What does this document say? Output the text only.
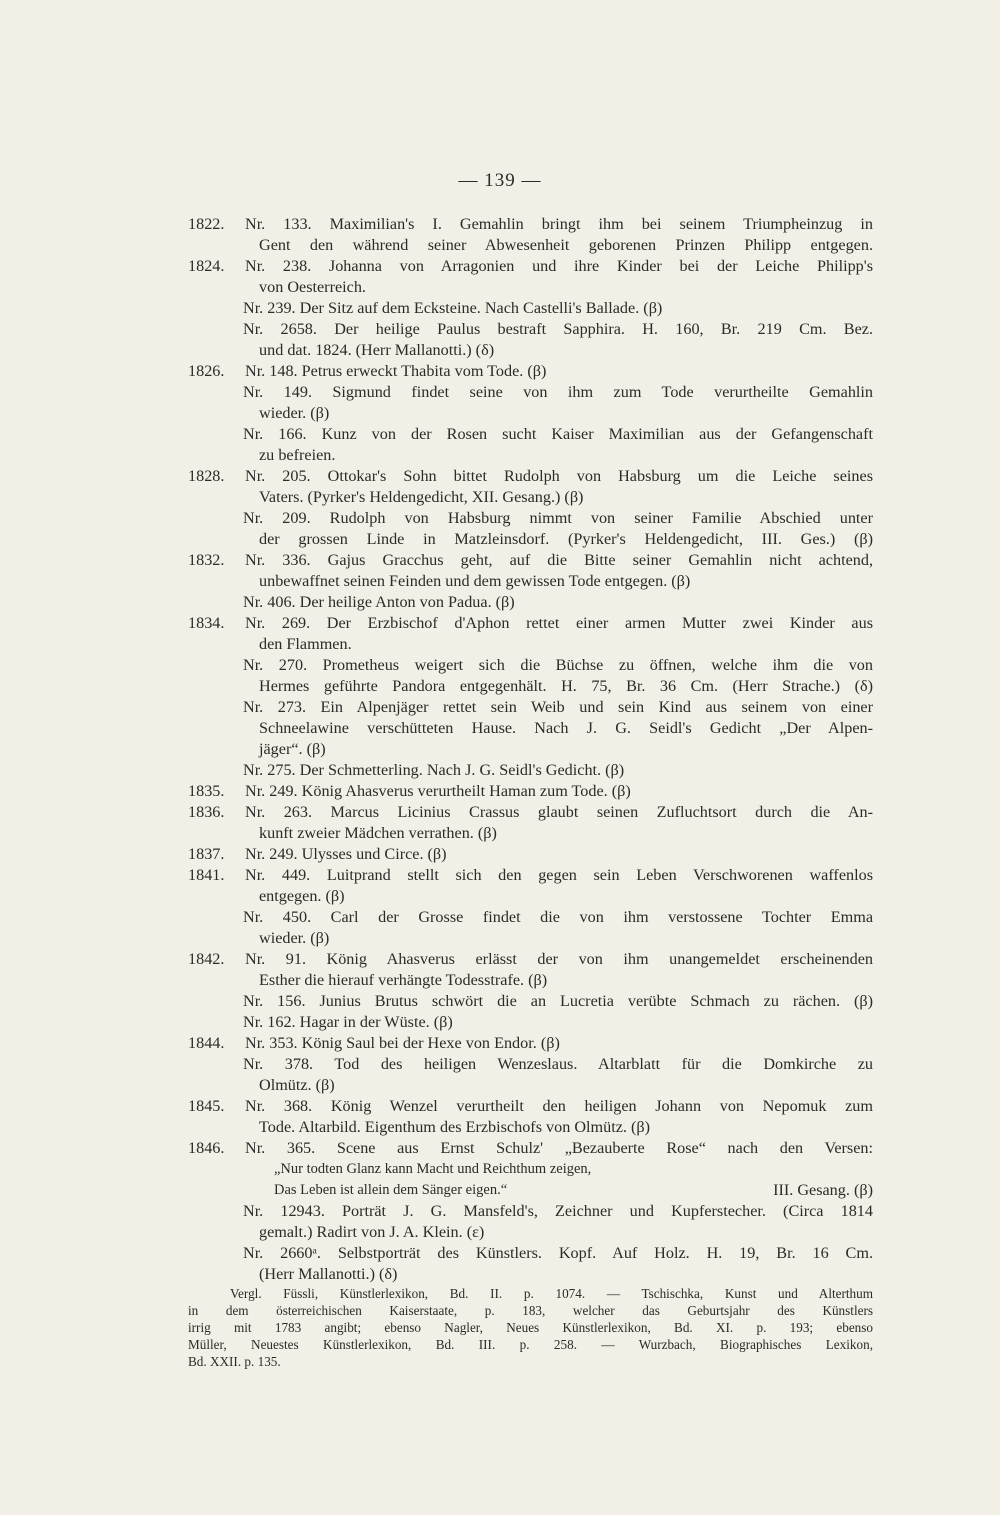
— 139 —
1822. Nr. 133. Maximilian's I. Gemahlin bringt ihm bei seinem Triumpheinzug in
Gent den während seiner Abwesenheit geborenen Prinzen Philipp entgegen.
1824. Nr. 238. Johanna von Arragonien und ihre Kinder bei der Leiche Philipp's
von Oesterreich.
Nr. 239. Der Sitz auf dem Ecksteine. Nach Castelli's Ballade. (β)
Nr. 2658. Der heilige Paulus bestraft Sapphira. H. 160, Br. 219 Cm. Bez.
und dat. 1824. (Herr Mallanotti.) (δ)
1826. Nr. 148. Petrus erweckt Thabita vom Tode. (β)
Nr. 149. Sigmund findet seine von ihm zum Tode verurtheilte Gemahlin
wieder. (β)
Nr. 166. Kunz von der Rosen sucht Kaiser Maximilian aus der Gefangenschaft
zu befreien.
1828. Nr. 205. Ottokar's Sohn bittet Rudolph von Habsburg um die Leiche seines
Vaters. (Pyrker's Heldengedicht, XII. Gesang.) (β)
Nr. 209. Rudolph von Habsburg nimmt von seiner Familie Abschied unter
der grossen Linde in Matzleinsdorf. (Pyrker's Heldengedicht, III. Ges.) (β)
1832. Nr. 336. Gajus Gracchus geht, auf die Bitte seiner Gemahlin nicht achtend,
unbewaffnet seinen Feinden und dem gewissen Tode entgegen. (β)
Nr. 406. Der heilige Anton von Padua. (β)
1834. Nr. 269. Der Erzbischof d'Aphon rettet einer armen Mutter zwei Kinder aus
den Flammen.
Nr. 270. Prometheus weigert sich die Büchse zu öffnen, welche ihm die von
Hermes geführte Pandora entgegenhält. H. 75, Br. 36 Cm. (Herr Strache.) (δ)
Nr. 273. Ein Alpenjäger rettet sein Weib und sein Kind aus seinem von einer
Schneelawine verschütteten Hause. Nach J. G. Seidl's Gedicht „Der Alpen-
jäger“. (β)
Nr. 275. Der Schmetterling. Nach J. G. Seidl's Gedicht. (β)
1835. Nr. 249. König Ahasverus verurtheilt Haman zum Tode. (β)
1836. Nr. 263. Marcus Licinius Crassus glaubt seinen Zufluchtsort durch die An-
kunft zweier Mädchen verrathen. (β)
1837. Nr. 249. Ulysses und Circe. (β)
1841. Nr. 449. Luitprand stellt sich den gegen sein Leben Verschworenen waffenlos
entgegen. (β)
Nr. 450. Carl der Grosse findet die von ihm verstossene Tochter Emma
wieder. (β)
1842. Nr. 91. König Ahasverus erlässt der von ihm unangemeldet erscheinenden
Esther die hierauf verhängte Todesstrafe. (β)
Nr. 156. Junius Brutus schwört die an Lucretia verübte Schmach zu rächen. (β)
Nr. 162. Hagar in der Wüste. (β)
1844. Nr. 353. König Saul bei der Hexe von Endor. (β)
Nr. 378. Tod des heiligen Wenzeslaus. Altarblatt für die Domkirche zu
Olmütz. (β)
1845. Nr. 368. König Wenzel verurtheilt den heiligen Johann von Nepomuk zum
Tode. Altarbild. Eigenthum des Erzbischofs von Olmütz. (β)
1846. Nr. 365. Scene aus Ernst Schulz' „Bezauberte Rose“ nach den Versen:
„Nur todten Glanz kann Macht und Reichthum zeigen,
Das Leben ist allein dem Sänger eigen.“	III. Gesang. (β)
Nr. 12943. Porträt J. G. Mansfeld's, Zeichner und Kupferstecher. (Circa 1814
gemalt.) Radirt von J. A. Klein. (ε)
Nr. 2660ᵃ. Selbstporträt des Künstlers. Kopf. Auf Holz. H. 19, Br. 16 Cm.
(Herr Mallanotti.) (δ)
Vergl. Füssli, Künstlerlexikon, Bd. II. p. 1074. — Tschischka, Kunst und Alterthum
in dem österreichischen Kaiserstaate, p. 183, welcher das Geburtsjahr des Künstlers
irrig mit 1783 angibt; ebenso Nagler, Neues Künstlerlexikon, Bd. XI. p. 193; ebenso
Müller, Neuestes Künstlerlexikon, Bd. III. p. 258. — Wurzbach, Biographisches Lexikon,
Bd. XXII. p. 135.
